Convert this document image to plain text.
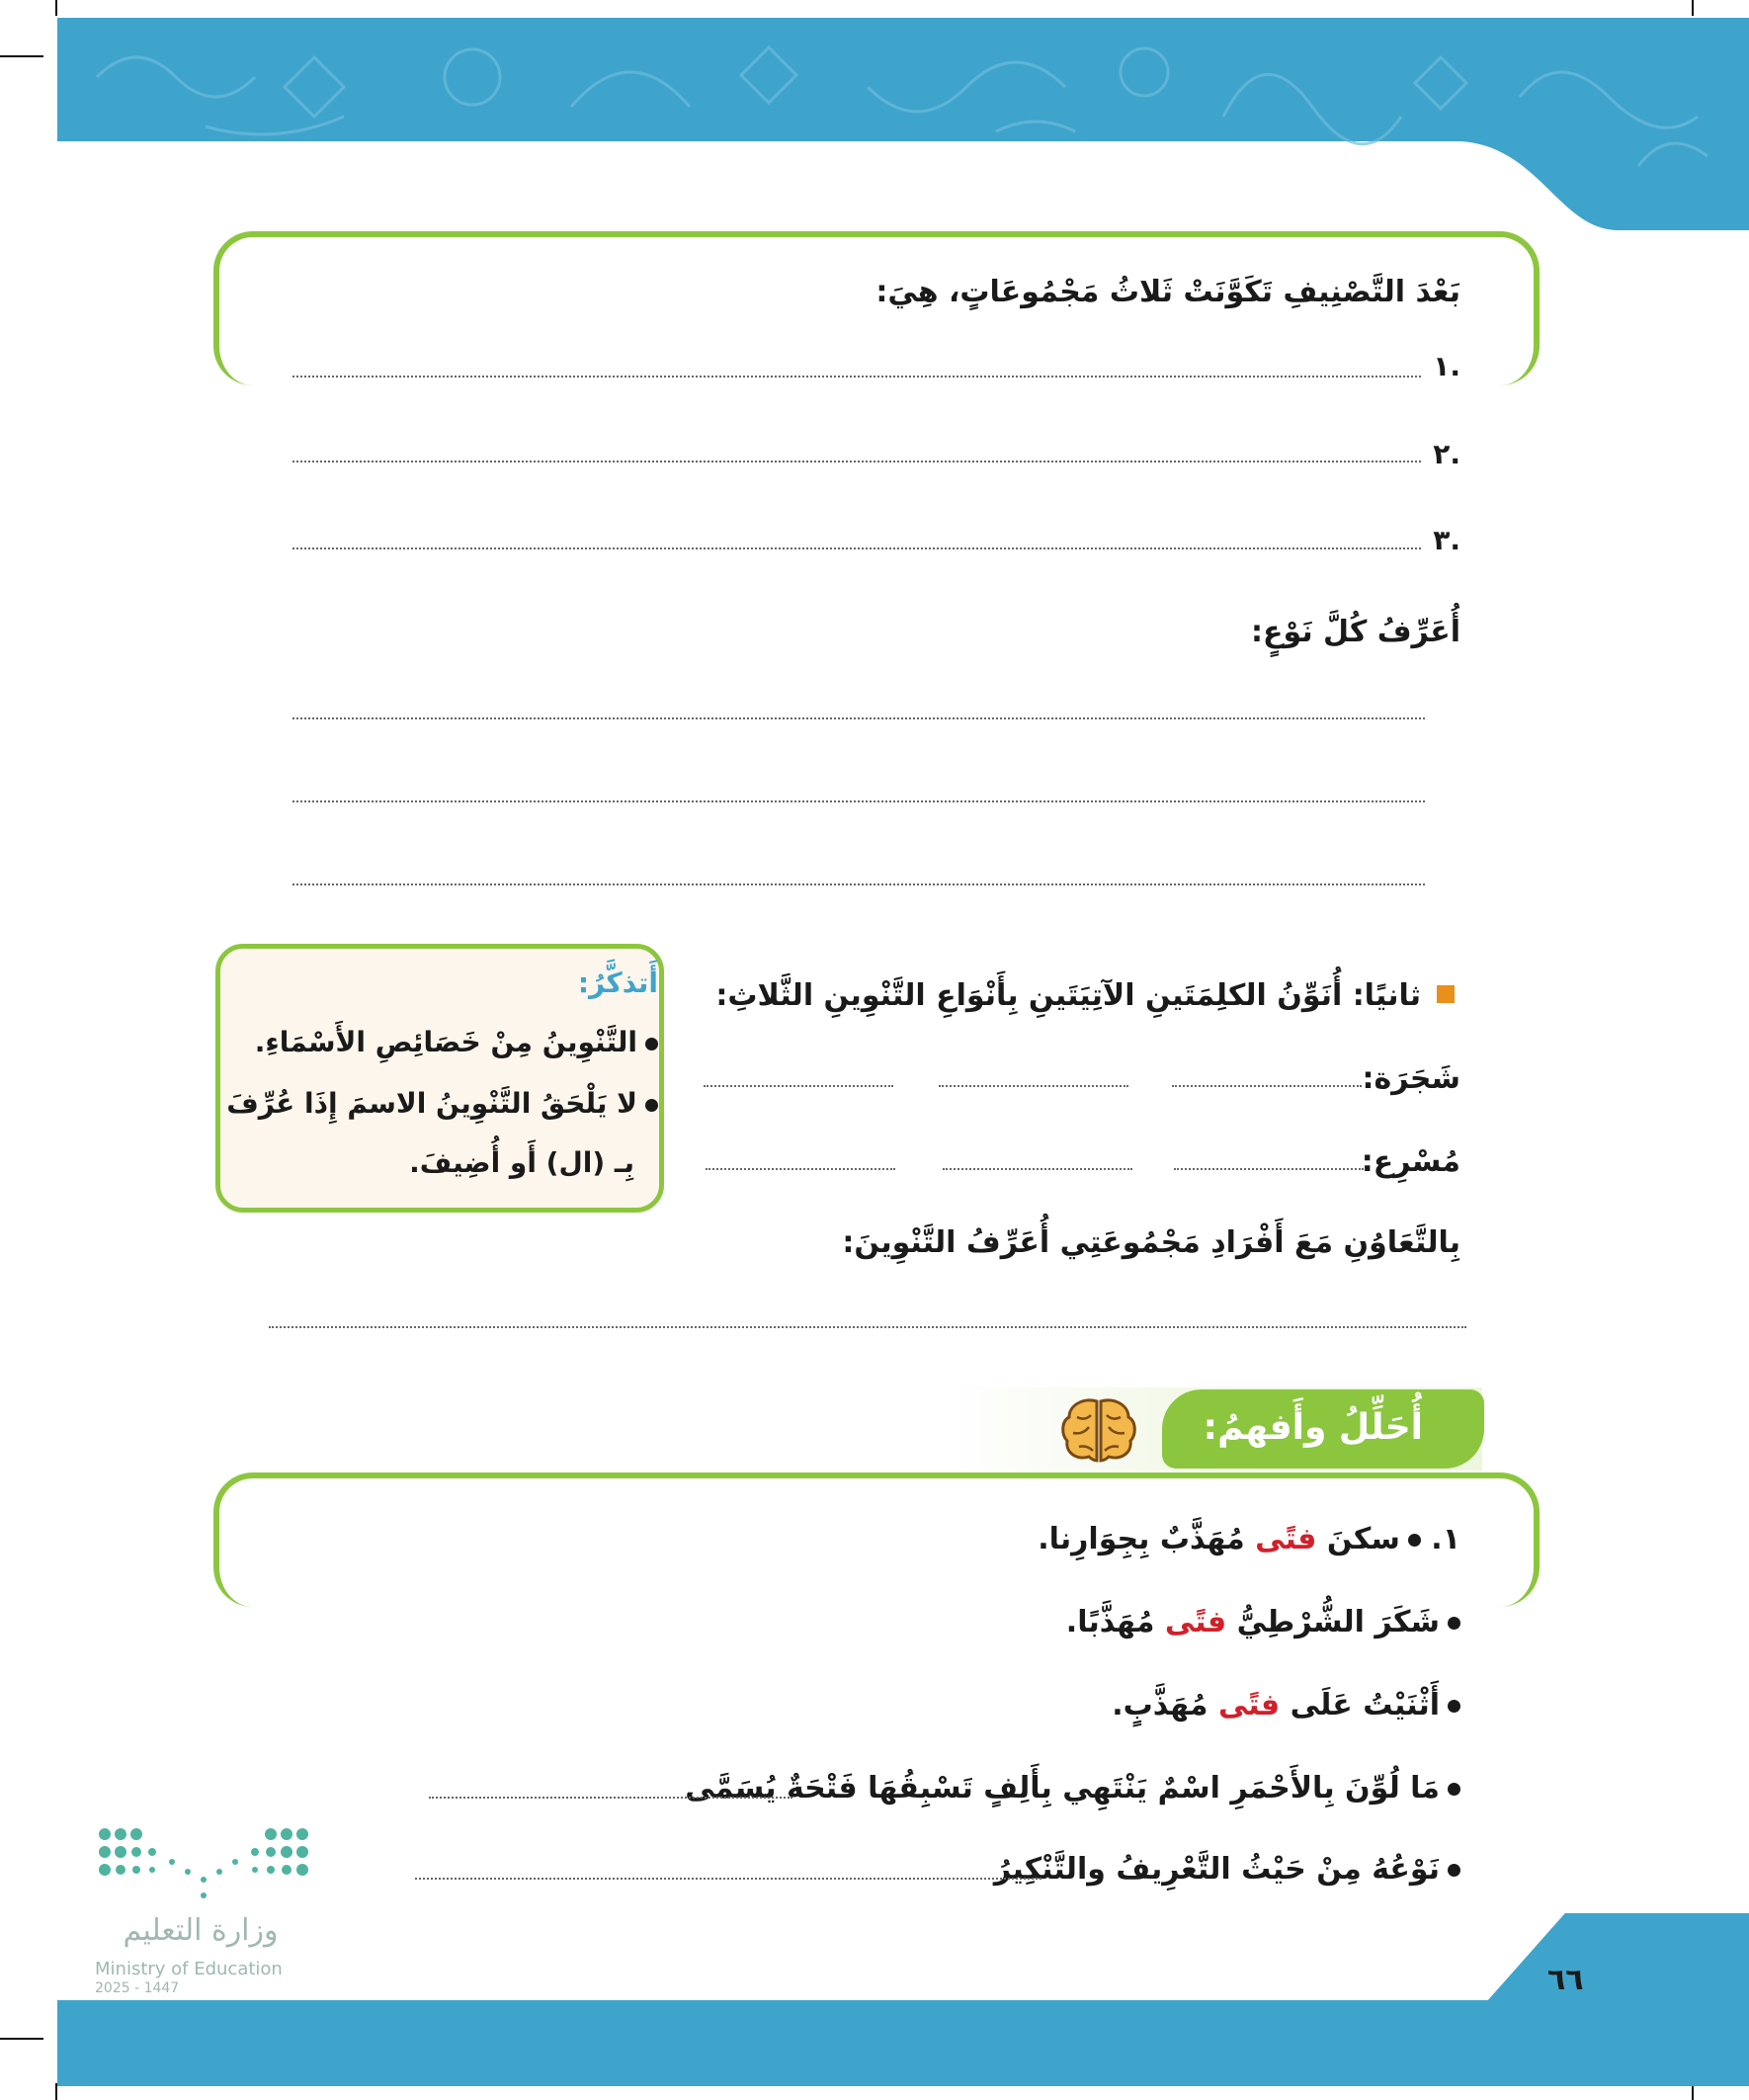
بَعْدَ التَّصْنِيفِ تَكَوَّنَتْ ثَلاثُ مَجْمُوعَاتٍ، هِيَ:
١.
٢.
٣.
أُعَرِّفُ كُلَّ نَوْعٍ:
أَتذكَّرُ:
التَّنْوِينُ مِنْ خَصَائِصِ الأَسْمَاءِ.
لا يَلْحَقُ التَّنْوِينُ الاسمَ إِذَا عُرِّفَ
بِـ (ال) أَو أُضِيفَ.
ثانيًا: أُنَوِّنُ الكلِمَتَينِ الآتِيَتَينِ بِأَنْوَاعِ التَّنْوِينِ الثَّلاثِ:
شَجَرَة:
مُسْرِع:
بِالتَّعَاوُنِ مَعَ أَفْرَادِ مَجْمُوعَتِي أُعَرِّفُ التَّنْوِينَ:
أُحَلِّلُ وأَفهمُ:
١. سكنَ فتًى مُهَذَّبٌ بِجِوَارِنا.
شَكَرَ الشُّرْطِيُّ فتًى مُهَذَّبًا.
أَثْنَيْتُ عَلَى فتًى مُهَذَّبٍ.
مَا لُوِّنَ بِالأَحْمَرِ اسْمٌ يَنْتَهِي بِأَلِفٍ تَسْبِقُهَا فَتْحَةٌ يُسَمَّى
نَوْعُهُ مِنْ حَيْثُ التَّعْرِيفُ والتَّنْكِيرُ
وزارة التعليم
Ministry of Education
2025 - 1447	٦٦
